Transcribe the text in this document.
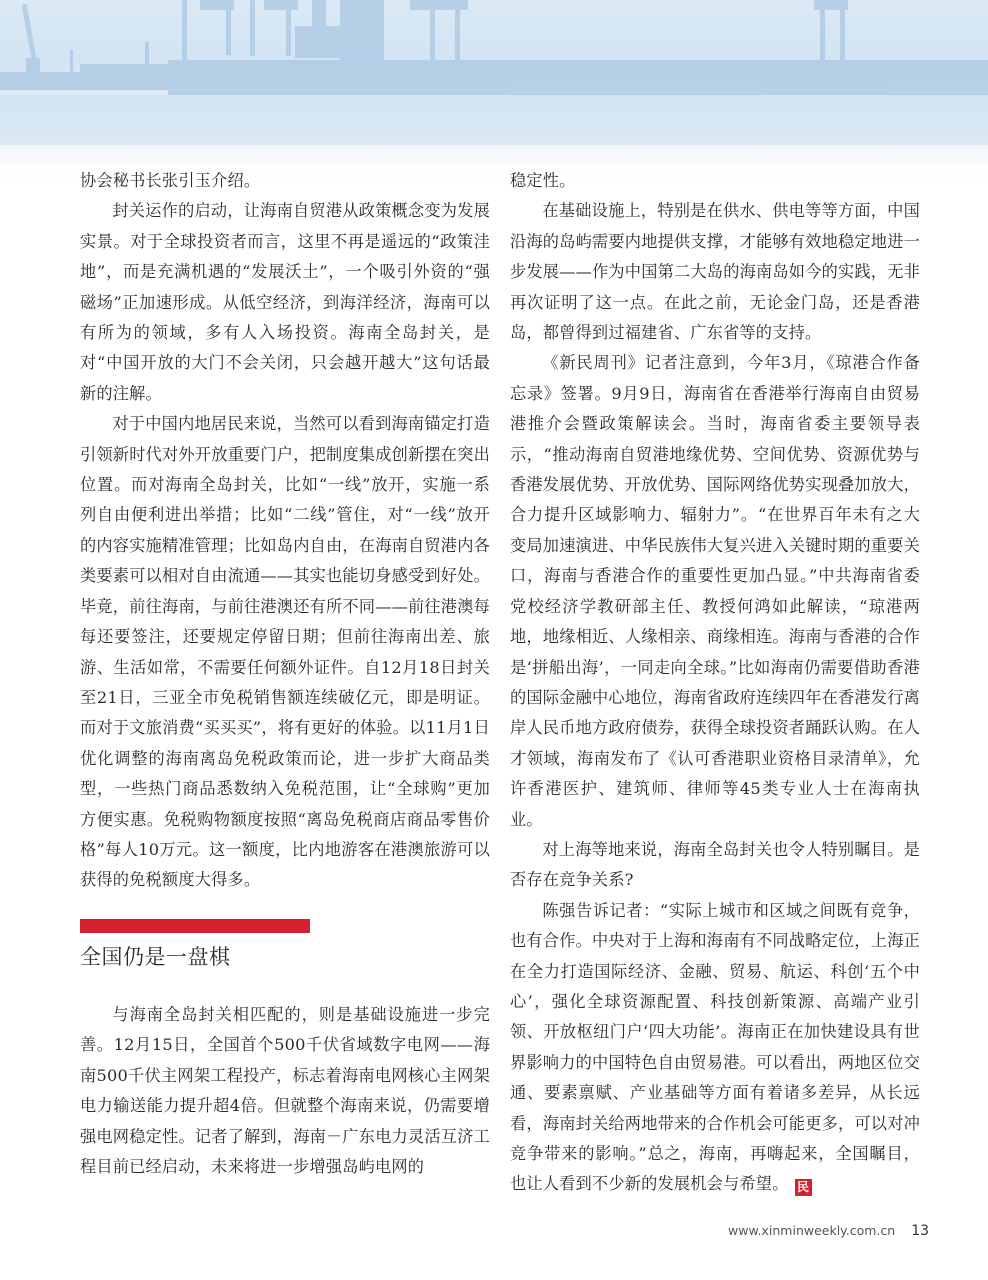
协会秘书长张引玉介绍。

封关运作的启动，让海南自贸港从政策概念变为发展实景。对于全球投资者而言，这里不再是遥远的“政策洼地”，而是充满机遇的“发展沃土”，一个吸引外资的“强磁场”正加速形成。从低空经济，到海洋经济，海南可以有所为的领域，多有人入场投资。海南全岛封关，是对“中国开放的大门不会关闭，只会越开越大”这句话最新的注解。

对于中国内地居民来说，当然可以看到海南锚定打造引领新时代对外开放重要门户，把制度集成创新摆在突出位置。而对海南全岛封关，比如“一线”放开，实施一系列自由便利进出举措；比如“二线”管住，对“一线”放开的内容实施精准管理；比如岛内自由，在海南自贸港内各类要素可以相对自由流通——其实也能切身感受到好处。毕竟，前往海南，与前往港澳还有所不同——前往港澳每每还要签注，还要规定停留日期；但前往海南出差、旅游、生活如常，不需要任何额外证件。自12月18日封关至21日，三亚全市免税销售额连续破亿元，即是明证。而对于文旅消费“买买买”，将有更好的体验。以11月1日优化调整的海南离岛免税政策而论，进一步扩大商品类型，一些热门商品悉数纳入免税范围，让“全球购”更加方便实惠。免税购物额度按照“离岛免税商店商品零售价格”每人10万元。这一额度，比内地游客在港澳旅游可以获得的免税额度大得多。

全国仍是一盘棋

与海南全岛封关相匹配的，则是基础设施进一步完善。12月15日，全国首个500千伏省域数字电网——海南500千伏主网架工程投产，标志着海南电网核心主网架电力输送能力提升超4倍。但就整个海南来说，仍需要增强电网稳定性。记者了解到，海南－广东电力灵活互济工程目前已经启动，未来将进一步增强岛屿电网的

稳定性。

在基础设施上，特别是在供水、供电等等方面，中国沿海的岛屿需要内地提供支撑，才能够有效地稳定地进一步发展——作为中国第二大岛的海南岛如今的实践，无非再次证明了这一点。在此之前，无论金门岛，还是香港岛，都曾得到过福建省、广东省等的支持。

《新民周刊》记者注意到，今年3月，《琼港合作备忘录》签署。9月9日，海南省在香港举行海南自由贸易港推介会暨政策解读会。当时，海南省委主要领导表示，“推动海南自贸港地缘优势、空间优势、资源优势与香港发展优势、开放优势、国际网络优势实现叠加放大，合力提升区域影响力、辐射力”。“在世界百年未有之大变局加速演进、中华民族伟大复兴进入关键时期的重要关口，海南与香港合作的重要性更加凸显。”中共海南省委党校经济学教研部主任、教授何鸿如此解读，“琼港两地，地缘相近、人缘相亲、商缘相连。海南与香港的合作是‘拼船出海’，一同走向全球。”比如海南仍需要借助香港的国际金融中心地位，海南省政府连续四年在香港发行离岸人民币地方政府债券，获得全球投资者踊跃认购。在人才领域，海南发布了《认可香港职业资格目录清单》，允许香港医护、建筑师、律师等45类专业人士在海南执业。

对上海等地来说，海南全岛封关也令人特别瞩目。是否存在竞争关系?

陈强告诉记者：“实际上城市和区域之间既有竞争，也有合作。中央对于上海和海南有不同战略定位，上海正在全力打造国际经济、金融、贸易、航运、科创‘五个中心’，强化全球资源配置、科技创新策源、高端产业引领、开放枢纽门户‘四大功能’。海南正在加快建设具有世界影响力的中国特色自由贸易港。可以看出，两地区位交通、要素禀赋、产业基础等方面有着诸多差异，从长远看，海南封关给两地带来的合作机会可能更多，可以对冲竞争带来的影响。”总之，海南，再嗨起来，全国瞩目，也让人看到不少新的发展机会与希望。 民

www.xinminweekly.com.cn 13
